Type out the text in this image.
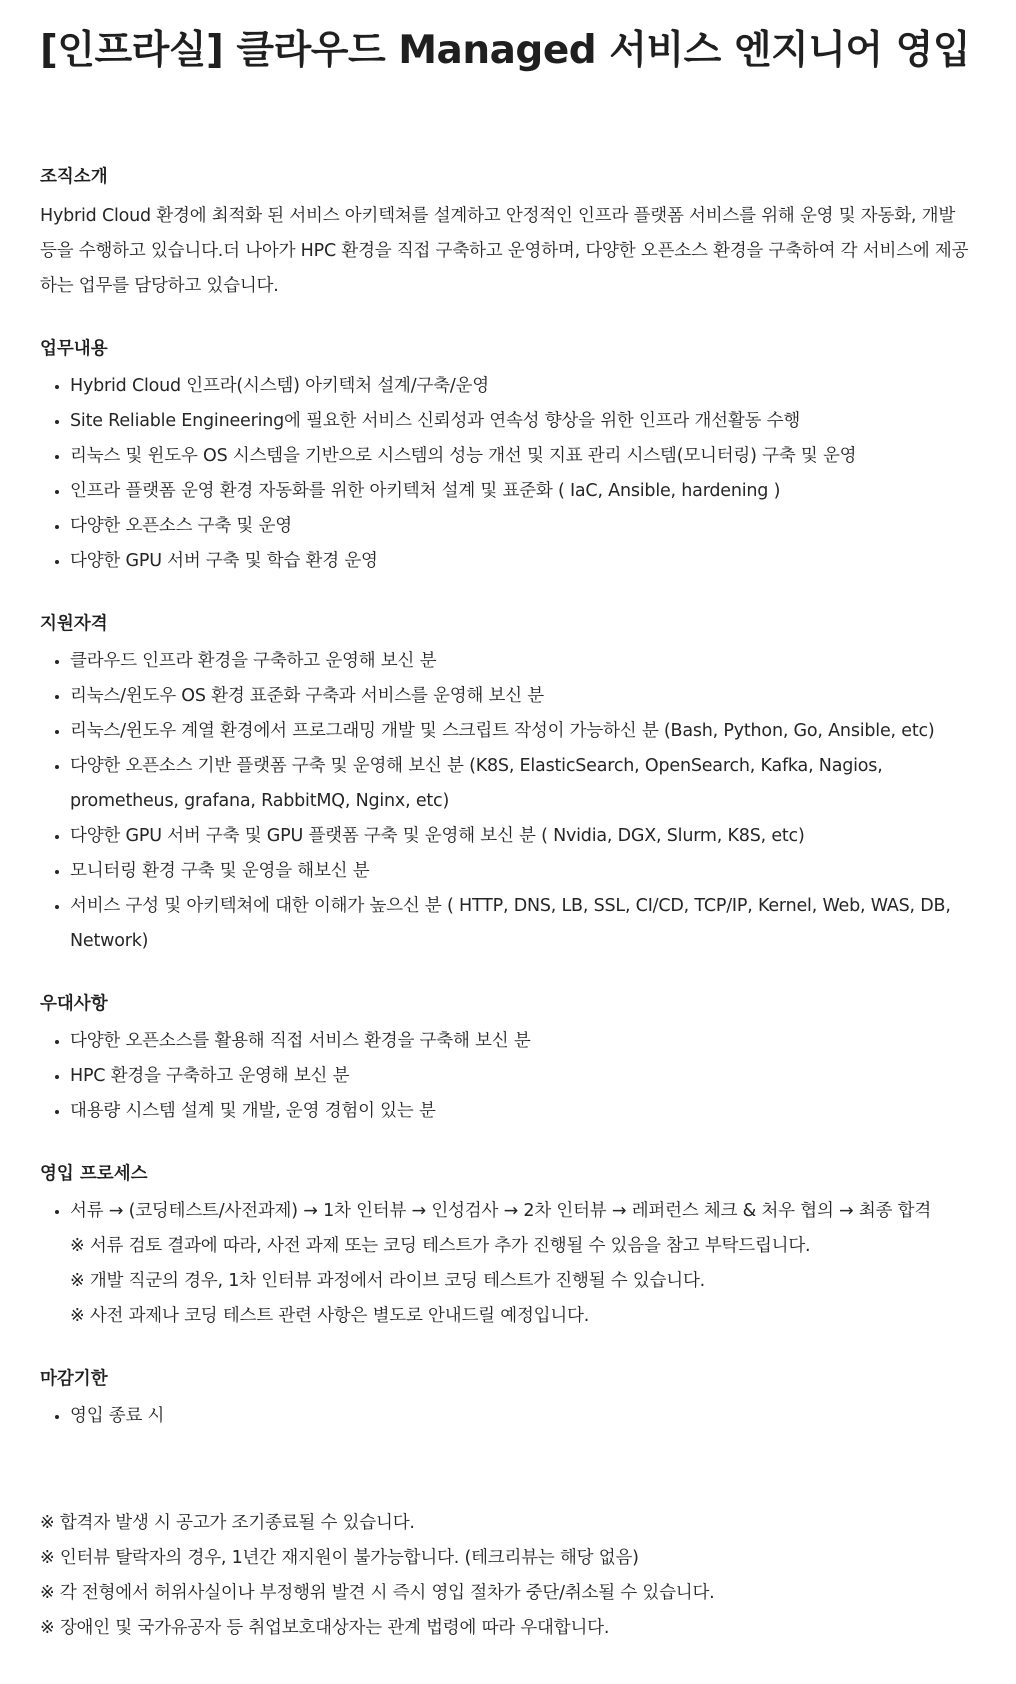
[인프라실] 클라우드 Managed 서비스 엔지니어 영입
조직소개

Hybrid Cloud 환경에 최적화 된 서비스 아키텍쳐를 설계하고 안정적인 인프라 플랫폼 서비스를 위해 운영 및 자동화, 개발 등을 수행하고 있습니다.더 나아가 HPC 환경을 직접 구축하고 운영하며, 다양한 오픈소스 환경을 구축하여 각 서비스에 제공하는 업무를 담당하고 있습니다.

업무내용
Hybrid Cloud 인프라(시스템) 아키텍처 설계/구축/운영
Site Reliable Engineering에 필요한 서비스 신뢰성과 연속성 향상을 위한 인프라 개선활동 수행
리눅스 및 윈도우 OS 시스템을 기반으로 시스템의 성능 개선 및 지표 관리 시스템(모니터링) 구축 및 운영
인프라 플랫폼 운영 환경 자동화를 위한 아키텍처 설계 및 표준화 ( IaC, Ansible, hardening )
다양한 오픈소스 구축 및 운영
다양한 GPU 서버 구축 및 학습 환경 운영
지원자격
클라우드 인프라 환경을 구축하고 운영해 보신 분
리눅스/윈도우 OS 환경 표준화 구축과 서비스를 운영해 보신 분
리눅스/윈도우 계열 환경에서 프로그래밍 개발 및 스크립트 작성이 가능하신 분 (Bash, Python, Go, Ansible, etc)
다양한 오픈소스 기반 플랫폼 구축 및 운영해 보신 분 (K8S, ElasticSearch, OpenSearch, Kafka, Nagios, prometheus, grafana, RabbitMQ, Nginx, etc)
다양한 GPU 서버 구축 및 GPU 플랫폼 구축 및 운영해 보신 분 ( Nvidia, DGX, Slurm, K8S, etc)
모니터링 환경 구축 및 운영을 해보신 분
서비스 구성 및 아키텍쳐에 대한 이해가 높으신 분 ( HTTP, DNS, LB, SSL, CI/CD, TCP/IP, Kernel, Web, WAS, DB, Network)
우대사항
다양한 오픈소스를 활용해 직접 서비스 환경을 구축해 보신 분
HPC 환경을 구축하고 운영해 보신 분
대용량 시스템 설계 및 개발, 운영 경험이 있는 분
영입 프로세스
서류 → (코딩테스트/사전과제) → 1차 인터뷰 → 인성검사 → 2차 인터뷰 → 레퍼런스 체크 & 처우 협의 → 최종 합격
※ 서류 검토 결과에 따라, 사전 과제 또는 코딩 테스트가 추가 진행될 수 있음을 참고 부탁드립니다.
※ 개발 직군의 경우, 1차 인터뷰 과정에서 라이브 코딩 테스트가 진행될 수 있습니다.
※ 사전 과제나 코딩 테스트 관련 사항은 별도로 안내드릴 예정입니다.
마감기한
영입 종료 시
※ 합격자 발생 시 공고가 조기종료될 수 있습니다.
※ 인터뷰 탈락자의 경우, 1년간 재지원이 불가능합니다. (테크리뷰는 해당 없음)
※ 각 전형에서 허위사실이나 부정행위 발견 시 즉시 영입 절차가 중단/취소될 수 있습니다.
※ 장애인 및 국가유공자 등 취업보호대상자는 관계 법령에 따라 우대합니다.
